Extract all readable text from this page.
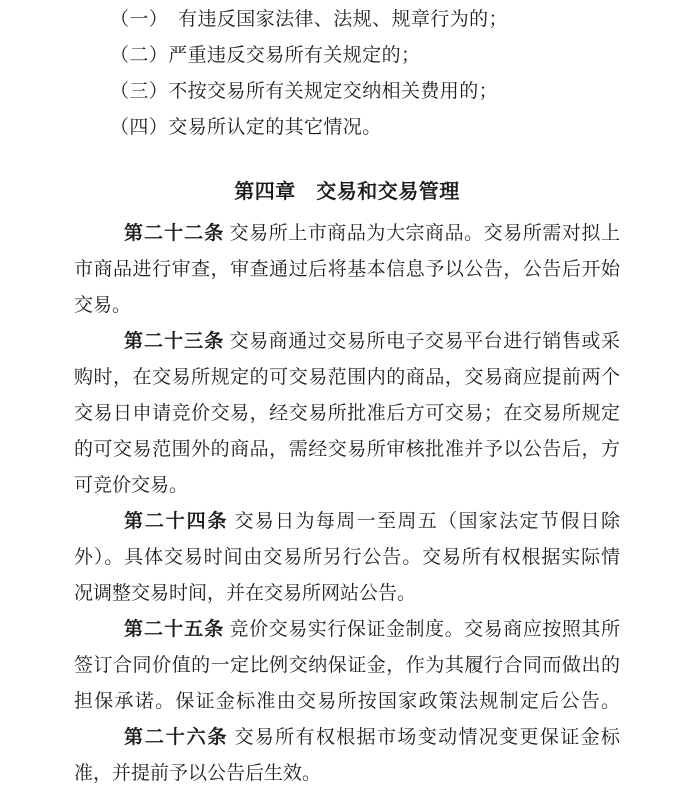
（一）　有违反国家法律、法规、规章行为的；
（二）严重违反交易所有关规定的；
（三）不按交易所有关规定交纳相关费用的；
（四）交易所认定的其它情况。
第四章　交易和交易管理
第二十二条 交易所上市商品为大宗商品。交易所需对拟上
市商品进行审查，审查通过后将基本信息予以公告，公告后开始
交易。
第二十三条 交易商通过交易所电子交易平台进行销售或采
购时，在交易所规定的可交易范围内的商品，交易商应提前两个
交易日申请竞价交易，经交易所批准后方可交易；在交易所规定
的可交易范围外的商品，需经交易所审核批准并予以公告后，方
可竞价交易。
第二十四条 交易日为每周一至周五（国家法定节假日除
外）。具体交易时间由交易所另行公告。交易所有权根据实际情
况调整交易时间，并在交易所网站公告。
第二十五条 竞价交易实行保证金制度。交易商应按照其所
签订合同价值的一定比例交纳保证金，作为其履行合同而做出的
担保承诺。保证金标准由交易所按国家政策法规制定后公告。
第二十六条 交易所有权根据市场变动情况变更保证金标
准，并提前予以公告后生效。
